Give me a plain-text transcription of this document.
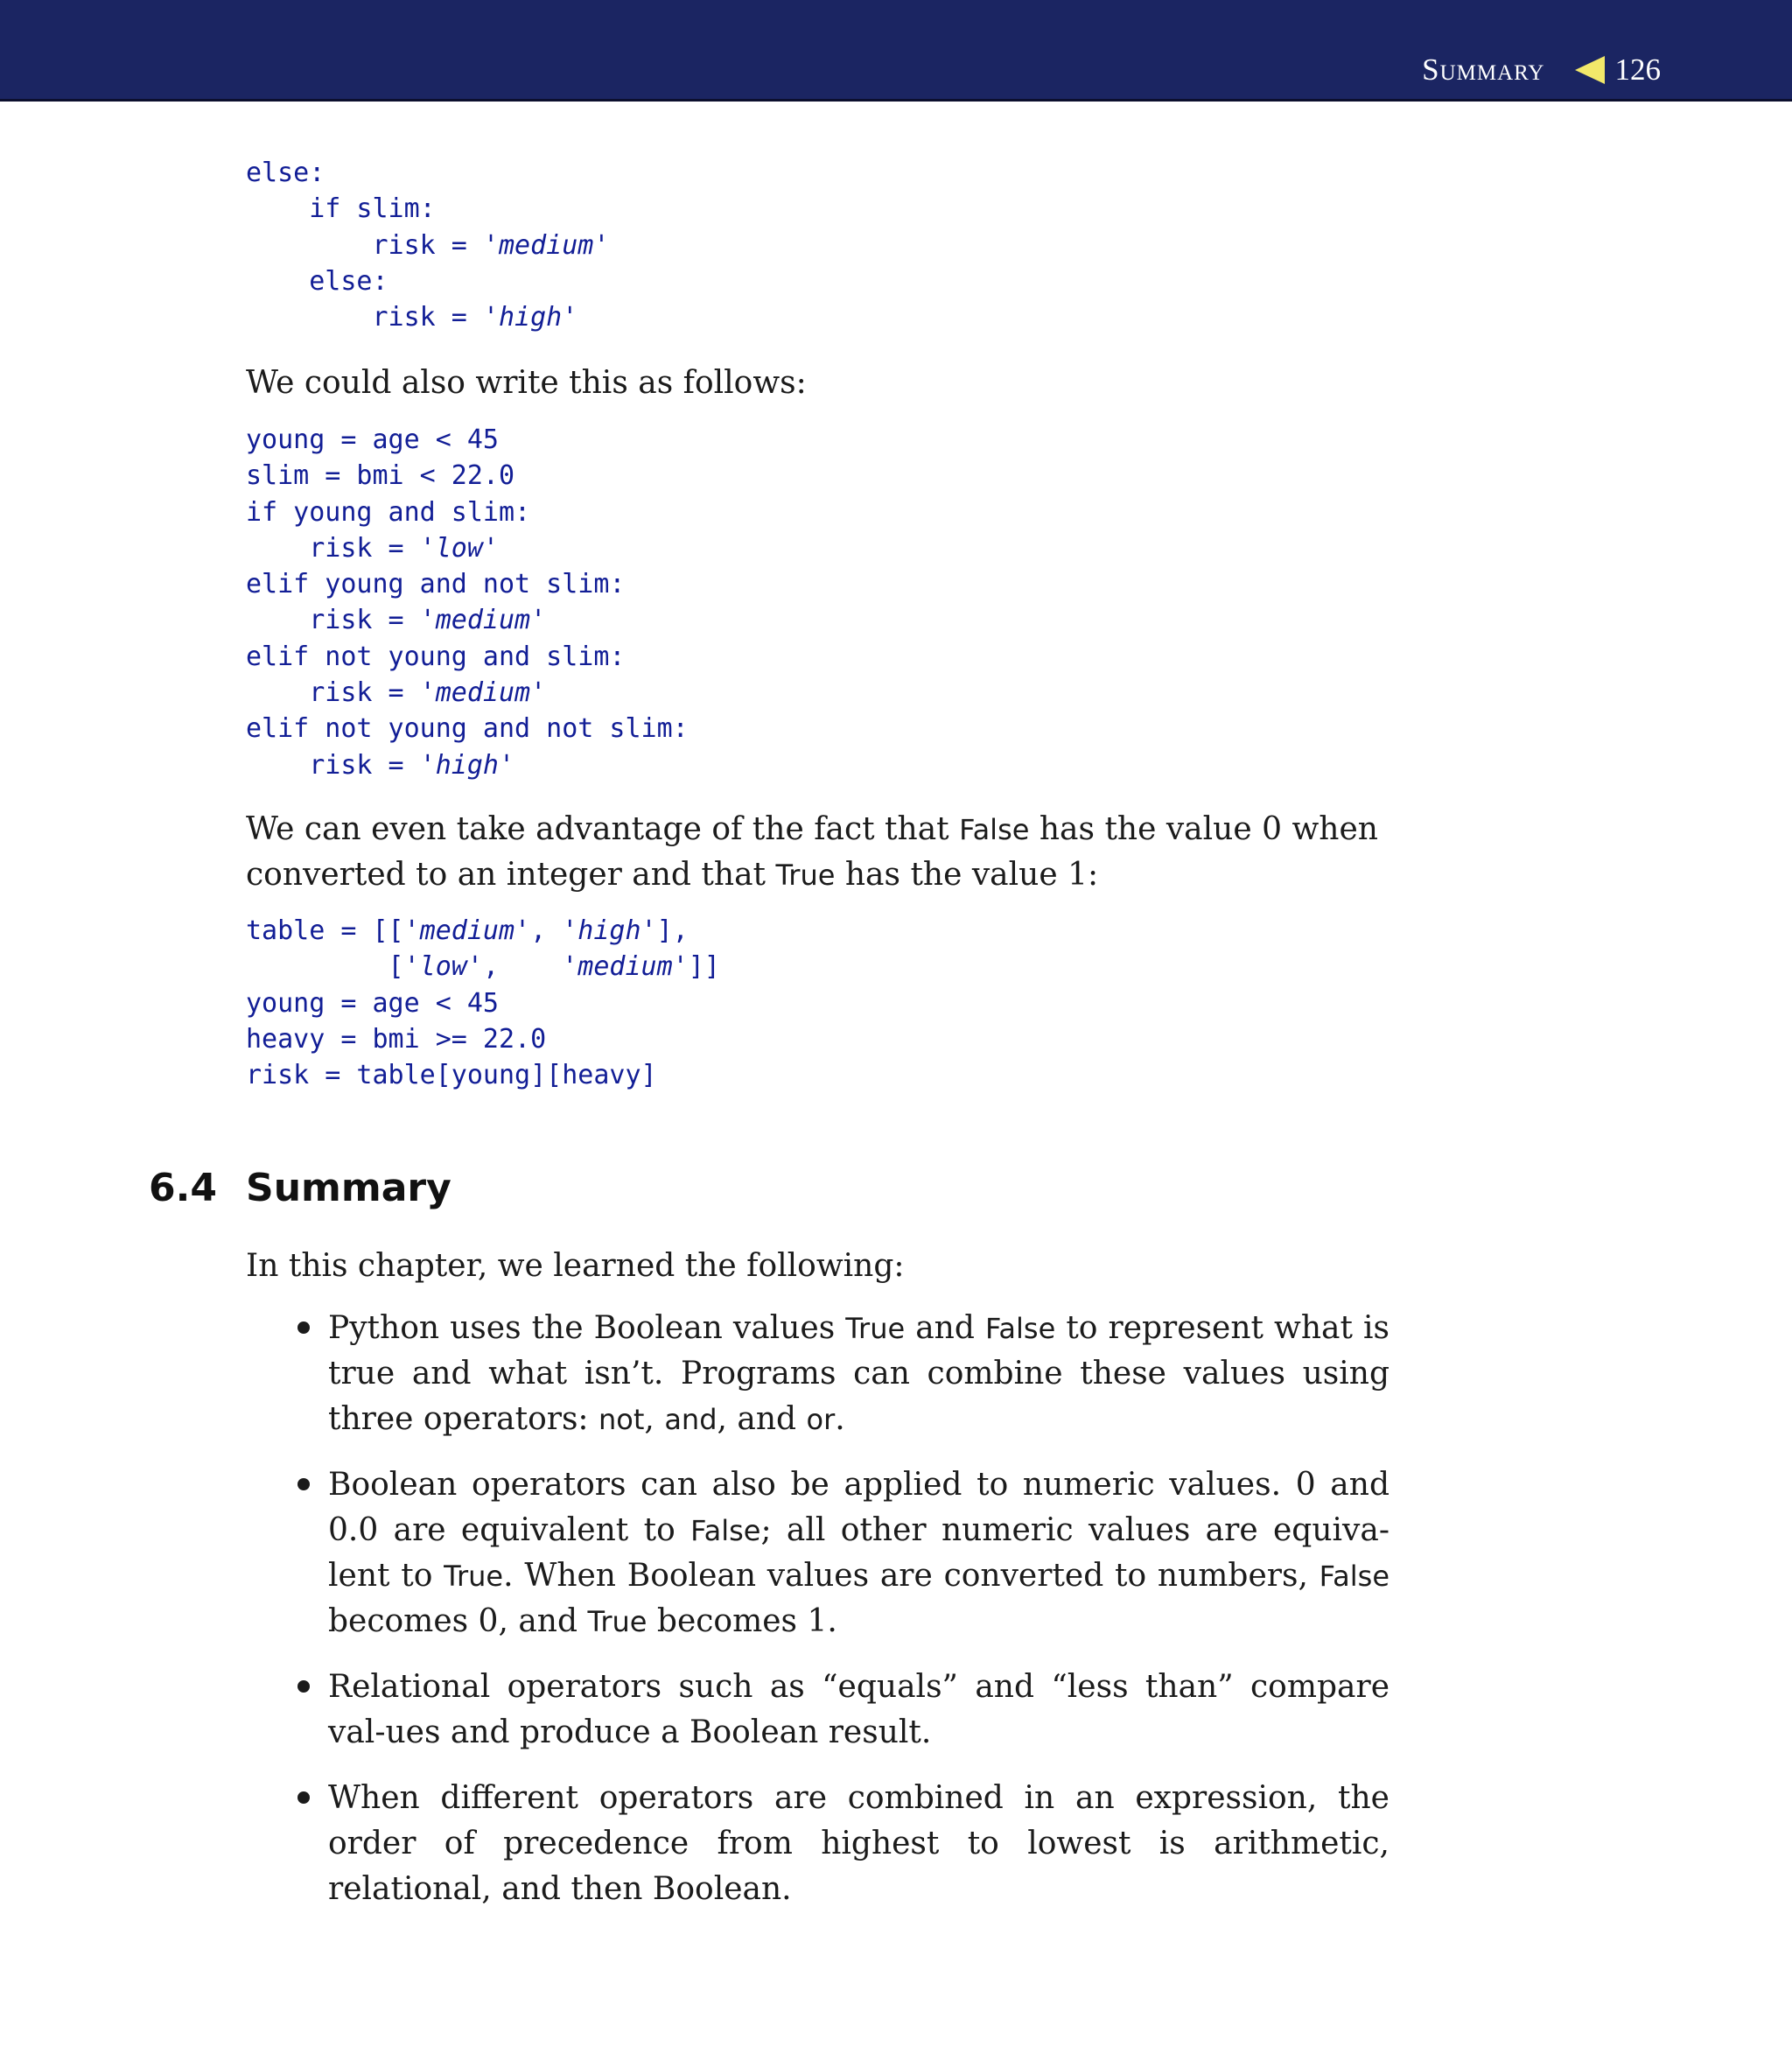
Summary 126
else:
if slim:
risk = 'medium'
else:
risk = 'high'

We could also write this as follows:

young = age < 45
slim = bmi < 22.0
if young and slim:
risk = 'low'
elif young and not slim:
risk = 'medium'
elif not young and slim:
risk = 'medium'
elif not young and not slim:
risk = 'high'

We can even take advantage of the fact that False has the value 0 when
converted to an integer and that True has the value 1:

table = [['medium', 'high'],
['low',    'medium']]
young = age < 45
heavy = bmi >= 22.0
risk = table[young][heavy]
6.4 Summary

In this chapter, we learned the following:

Python uses the Boolean values True and False to represent what is true and what isn’t. Programs can combine these values using three operators: not, and, and or.
Boolean operators can also be applied to numeric values. 0 and 0.0 are equivalent to False; all other numeric values are equiva-lent to True. When Boolean values are converted to numbers, False becomes 0, and True becomes 1.
Relational operators such as “equals” and “less than” compare val-ues and produce a Boolean result.
When different operators are combined in an expression, the order of precedence from highest to lowest is arithmetic, relational, and then Boolean.
